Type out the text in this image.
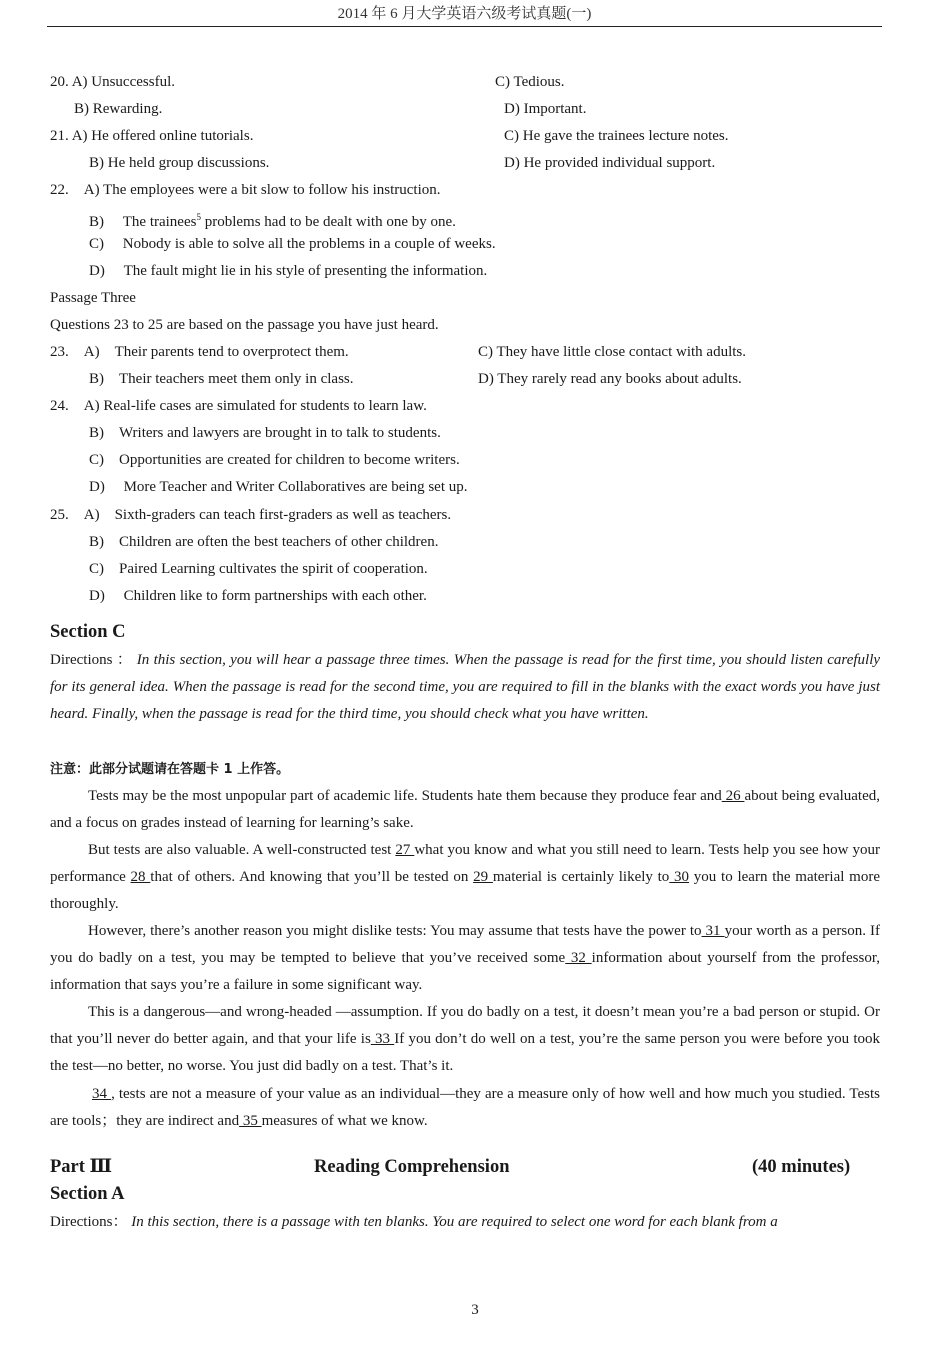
2014 年 6 月大学英语六级考试真题(一)
20. A) Unsuccessful.	C) Tedious.
B) Rewarding.	D) Important.
21. A) He offered online tutorials.	C) He gave the trainees lecture notes.
B) He held group discussions.	D) He provided individual support.
22. A) The employees were a bit slow to follow his instruction.
B) The trainees$^5$ problems had to be dealt with one by one.
C) Nobody is able to solve all the problems in a couple of weeks.
D) The fault might lie in his style of presenting the information.
Passage Three
Questions 23 to 25 are based on the passage you have just heard.
23. A) Their parents tend to overprotect them.	C) They have little close contact with adults.
B) Their teachers meet them only in class.	D) They rarely read any books about adults.
24. A) Real-life cases are simulated for students to learn law.
B) Writers and lawyers are brought in to talk to students.
C) Opportunities are created for children to become writers.
D) More Teacher and Writer Collaboratives are being set up.
25. A) Sixth-graders can teach first-graders as well as teachers.
B) Children are often the best teachers of other children.
C) Paired Learning cultivates the spirit of cooperation.
D) Children like to form partnerships with each other.
Section C
Directions ： In this section, you will hear a passage three times. When the passage is read for the first time, you should listen carefully for its general idea. When the passage is read for the second time, you are required to fill in the blanks with the exact words you have just heard. Finally, when the passage is read for the third time, you should check what you have written.
注意：此部分试题请在答题卡 1 上作答。
Tests may be the most unpopular part of academic life. Students hate them because they produce fear and 26 about being evaluated, and a focus on grades instead of learning for learning’s sake.
But tests are also valuable. A well-constructed test 27 what you know and what you still need to learn. Tests help you see how your performance 28 that of others. And knowing that you’ll be tested on 29 material is certainly likely to 30 you to learn the material more thoroughly.
However, there’s another reason you might dislike tests: You may assume that tests have the power to 31 your worth as a person. If you do badly on a test, you may be tempted to believe that you’ve received some 32 information about yourself from the professor, information that says you’re a failure in some significant way.
This is a dangerous—and wrong-headed —assumption. If you do badly on a test, it doesn’t mean you’re a bad person or stupid. Or that you’ll never do better again, and that your life is 33 If you don’t do well on a test, you’re the same person you were before you took the test—no better, no worse. You just did badly on a test. That’s it.
34 , tests are not a measure of your value as an individual—they are a measure only of how well and how much you studied. Tests are tools；they are indirect and 35 measures of what we know.
Part Ⅲ	Reading Comprehension	(40 minutes)
Section A
Directions： In this section, there is a passage with ten blanks. You are required to select one word for each blank from a
3
